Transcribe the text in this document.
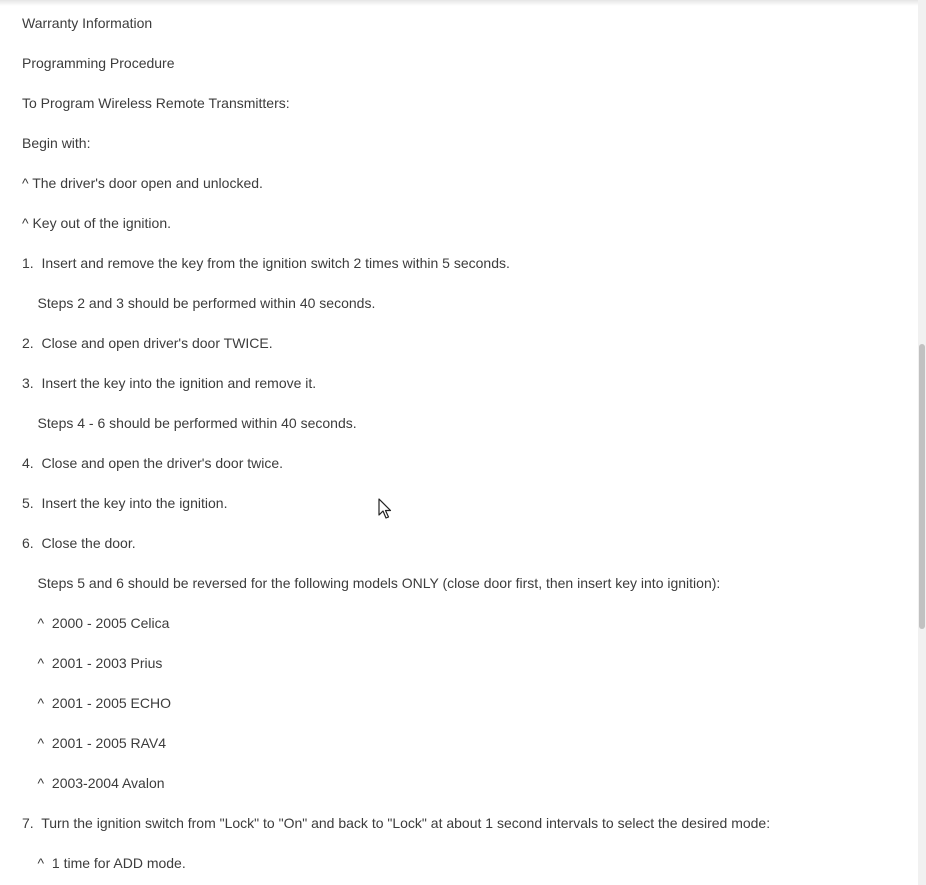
Warranty Information
Programming Procedure
To Program Wireless Remote Transmitters:
Begin with:
^ The driver's door open and unlocked.
^ Key out of the ignition.
1.  Insert and remove the key from the ignition switch 2 times within 5 seconds.
Steps 2 and 3 should be performed within 40 seconds.
2.  Close and open driver's door TWICE.
3.  Insert the key into the ignition and remove it.
Steps 4 - 6 should be performed within 40 seconds.
4.  Close and open the driver's door twice.
5.  Insert the key into the ignition.
6.  Close the door.
Steps 5 and 6 should be reversed for the following models ONLY (close door first, then insert key into ignition):
^  2000 - 2005 Celica
^  2001 - 2003 Prius
^  2001 - 2005 ECHO
^  2001 - 2005 RAV4
^  2003-2004 Avalon
7.  Turn the ignition switch from "Lock" to "On" and back to "Lock" at about 1 second intervals to select the desired mode:
^  1 time for ADD mode.
